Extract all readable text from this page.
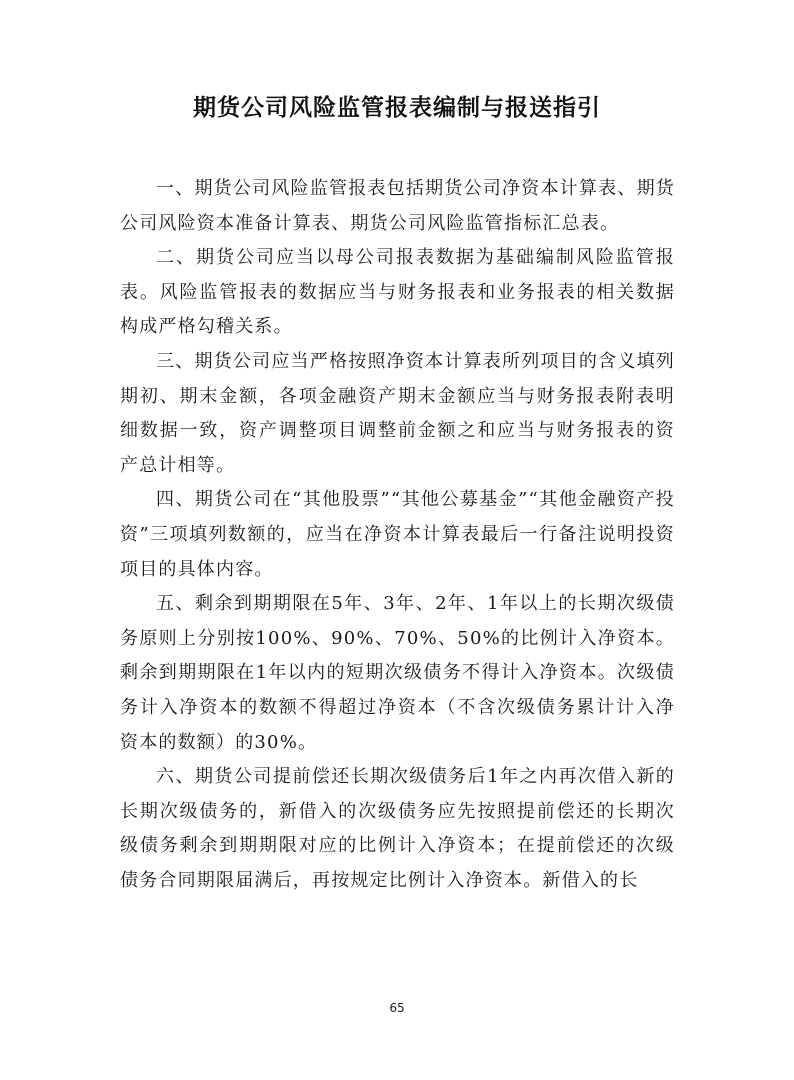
期货公司风险监管报表编制与报送指引

一、期货公司风险监管报表包括期货公司净资本计算表、期货公司风险资本准备计算表、期货公司风险监管指标汇总表。

二、期货公司应当以母公司报表数据为基础编制风险监管报表。风险监管报表的数据应当与财务报表和业务报表的相关数据构成严格勾稽关系。

三、期货公司应当严格按照净资本计算表所列项目的含义填列期初、期末金额，各项金融资产期末金额应当与财务报表附表明细数据一致，资产调整项目调整前金额之和应当与财务报表的资产总计相等。

四、期货公司在“其他股票”“其他公募基金”“其他金融资产投资”三项填列数额的，应当在净资本计算表最后一行备注说明投资项目的具体内容。

五、剩余到期期限在5年、3年、2年、1年以上的长期次级债务原则上分别按100%、90%、70%、50%的比例计入净资本。剩余到期期限在1年以内的短期次级债务不得计入净资本。次级债务计入净资本的数额不得超过净资本（不含次级债务累计计入净资本的数额）的30%。

六、期货公司提前偿还长期次级债务后1年之内再次借入新的长期次级债务的，新借入的次级债务应先按照提前偿还的长期次级债务剩余到期期限对应的比例计入净资本；在提前偿还的次级债务合同期限届满后，再按规定比例计入净资本。新借入的长

65
